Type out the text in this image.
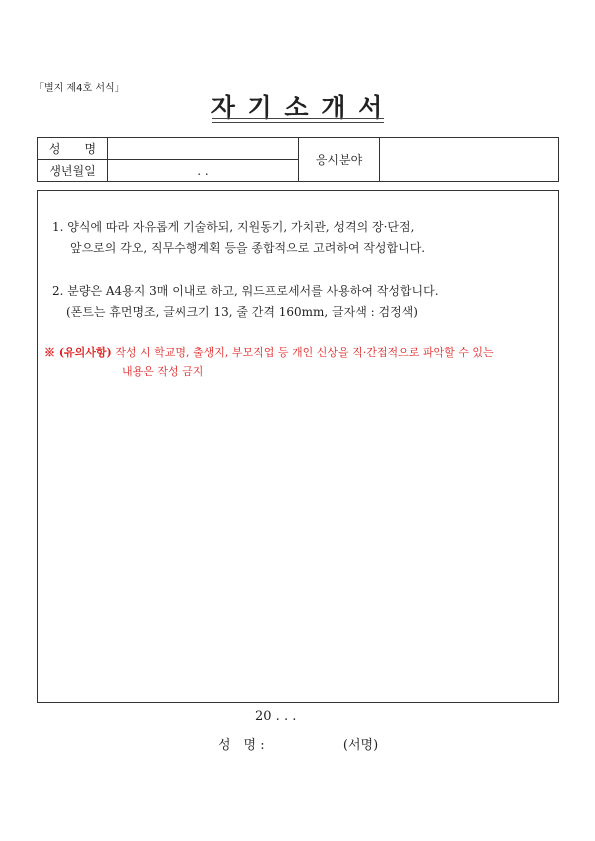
「별지 제4호 서식」
자 기 소 개 서
성　　명		응시분야	
생년월일	. .		
1. 양식에 따라 자유롭게 기술하되, 지원동기, 가치관, 성격의 장·단점,
앞으로의 각오, 직무수행계획 등을 종합적으로 고려하여 작성합니다.
2. 분량은 A4용지 3매 이내로 하고, 워드프로세서를 사용하여 작성합니다.
(폰트는 휴먼명조, 글씨크기 13, 줄 간격 160mm, 글자색 : 검정색)
※ (유의사항) 작성 시 학교명, 출생지, 부모직업 등 개인 신상을 직·간접적으로 파악할 수 있는
내용은 작성 금지
20 . . .
성　명 :	(서명)
